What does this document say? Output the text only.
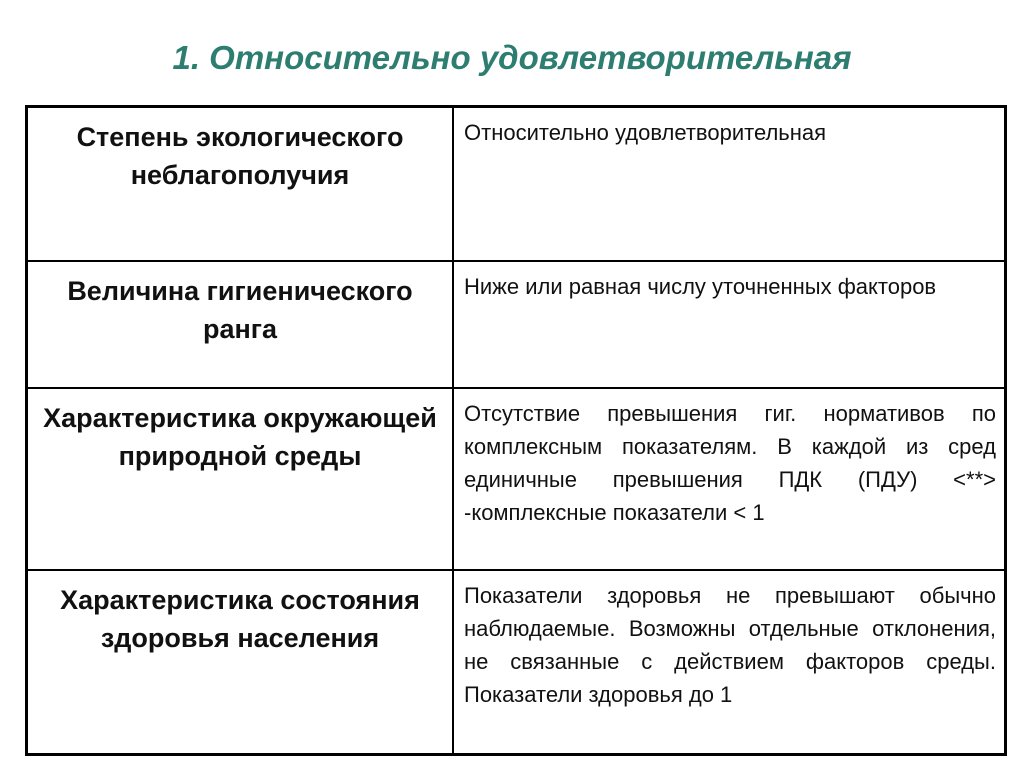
1. Относительно удовлетворительная
Степень экологического неблагополучия	Относительно удовлетворительная
Величина гигиенического ранга	Ниже или равная числу уточненных факторов
Характеристика окружающей природной среды	Отсутствие превышения гиг. нормативов по комплексным показателям. В каждой из сред единичные превышения ПДК (ПДУ) <**> -комплексные показатели < 1
Характеристика состояния здоровья населения	Показатели здоровья не превышают обычно наблюдаемые. Возможны отдельные отклонения, не связанные с действием факторов среды. Показатели здоровья до 1
